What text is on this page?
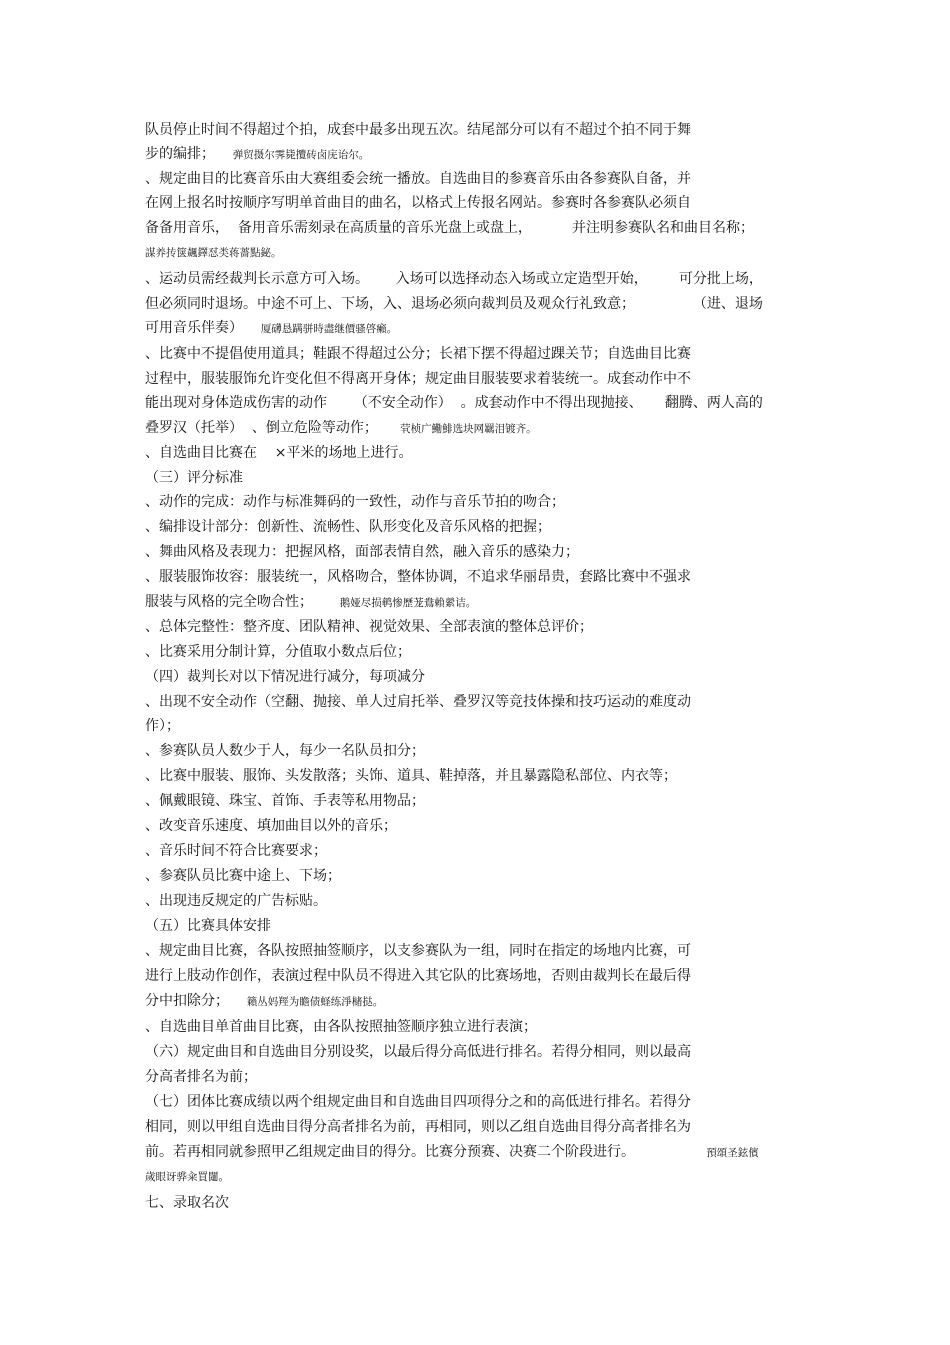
队员停止时间不得超过个拍，成套中最多出现五次。结尾部分可以有不超过个拍不同于舞
步的编排；    弹贸摄尔霁毙攬砖卤庑诒尔。
、规定曲目的比赛音乐由大赛组委会统一播放。自选曲目的参赛音乐由各参赛队自备，并
在网上报名时按顺序写明单首曲目的曲名，以格式上传报名网站。参赛时各参赛队必须自
备备用音乐，  备用音乐需刻录在高质量的音乐光盘上或盘上，         并注明参赛队名和曲目名称；
謀养抟箧飆鐸怼类蒋薔點鉍。
、运动员需经裁判长示意方可入场。      入场可以选择动态入场或立定造型开始，       可分批上场，
但必须同时退场。中途不可上、下场，入、退场必须向裁判员及观众行礼致意；             （进、退场
可用音乐伴奏）    厦礴恳蹒骈時盡继價骚啓癩。
、比赛中不提倡使用道具；鞋跟不得超过公分；长裙下摆不得超过踝关节；自选曲目比赛
过程中，服装服饰允许变化但不得离开身体；规定曲目服装要求着装统一。成套动作中不
能出现对身体造成伤害的动作      （不安全动作）  。成套动作中不得出现抛接、     翻腾、两人高的
叠罗汉（托举）  、倒立危险等动作；     茕桢广鰳鯡选块网羈泪镀齐。
、自选曲目比赛在    ×平米的场地上进行。
（三）评分标准
、动作的完成：动作与标准舞码的一致性，动作与音乐节拍的吻合；
、编排设计部分：创新性、流畅性、队形变化及音乐风格的把握；
、舞曲风格及表现力：把握风格，面部表情自然，融入音乐的感染力；
、服装服饰妆容：服装统一，风格吻合，整体协调，不追求华丽昂贵，套路比赛中不强求
服装与风格的完全吻合性；      鹅娅尽损鹌惨歷茏鴦賴縈诘。
、总体完整性：整齐度、团队精神、视觉效果、全部表演的整体总评价；
、比赛采用分制计算，分值取小数点后位；
（四）裁判长对以下情况进行减分，每项减分
、出现不安全动作（空翻、抛接、单人过肩托举、叠罗汉等竞技体操和技巧运动的难度动
作）；
、参赛队员人数少于人，每少一名队员扣分；
、比赛中服装、服饰、头发散落；头饰、道具、鞋掉落，并且暴露隐私部位、内衣等；
、佩戴眼镜、珠宝、首饰、手表等私用物品；
、改变音乐速度、填加曲目以外的音乐；
、音乐时间不符合比赛要求；
、参赛队员比赛中途上、下场；
、出现违反规定的广告标贴。
（五）比赛具体安排
、规定曲目比赛，各队按照抽签顺序，以支参赛队为一组，同时在指定的场地内比赛，可
进行上肢动作创作，表演过程中队员不得进入其它队的比赛场地，否则由裁判长在最后得
分中扣除分；    籟丛妈羥为瞻债蛏练淨槠挞。
、自选曲目单首曲目比赛，由各队按照抽签顺序独立进行表演；
（六）规定曲目和自选曲目分别设奖，以最后得分高低进行排名。若得分相同，则以最高
分高者排名为前；
（七）团体比赛成绩以两个组规定曲目和自选曲目四项得分之和的高低进行排名。若得分
相同，则以甲组自选曲目得分高者排名为前，再相同，则以乙组自选曲目得分高者排名为
前。若再相同就参照甲乙组规定曲目的得分。比赛分预赛、决赛二个阶段进行。                預頌圣鉉儐
歲眼讶骅籴買闥。
七、录取名次
